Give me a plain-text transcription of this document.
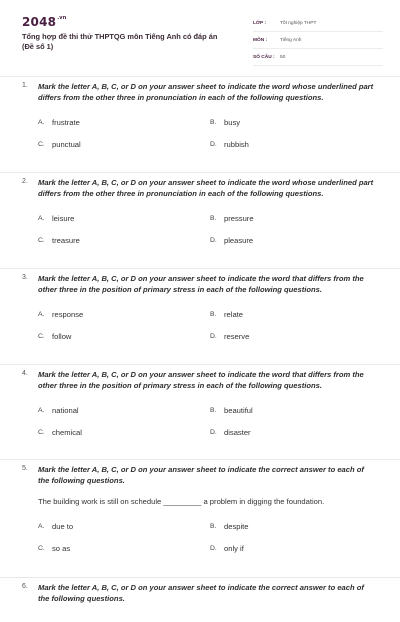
$2048^{.vn}$
Tổng hợp đề thi thử THPTQG môn Tiếng Anh có đáp án
(Đề số 1)
LỚP :	Tốt nghiệp THPT
MÔN :	Tiếng Anh
SỐ CÂU :	50
1. Mark the letter A, B, C, or D on your answer sheet to indicate the word whose underlined part differs from the other three in pronunciation in each of the following questions.
A. frustrate	B. busy
C. punctual	D. rubbish
2. Mark the letter A, B, C, or D on your answer sheet to indicate the word whose underlined part differs from the other three in pronunciation in each of the following questions.
A. leisure	B. pressure
C. treasure	D. pleasure
3. Mark the letter A, B, C, or D on your answer sheet to indicate the word that differs from the other three in the position of primary stress in each of the following questions.
A. response	B. relate
C. follow	D. reserve
4. Mark the letter A, B, C, or D on your answer sheet to indicate the word that differs from the other three in the position of primary stress in each of the following questions.
A. national	B. beautiful
C. chemical	D. disaster
5. Mark the letter A, B, C, or D on your answer sheet to indicate the correct answer to each of the following questions.
The building work is still on schedule _________ a problem in digging the foundation.
A. due to	B. despite
C. so as	D. only if
6. Mark the letter A, B, C, or D on your answer sheet to indicate the correct answer to each of the following questions.
